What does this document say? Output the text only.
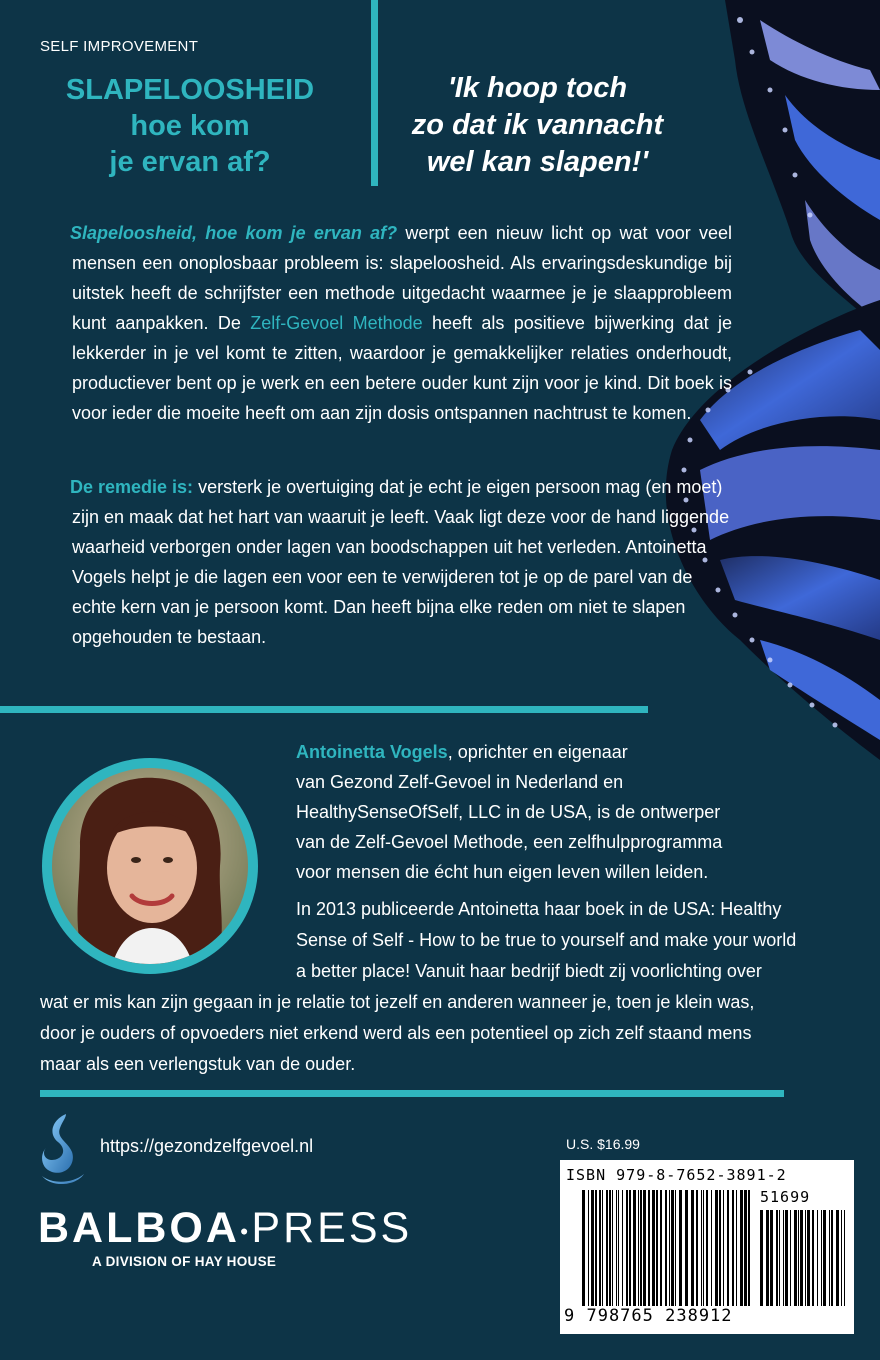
SELF IMPROVEMENT
SLAPELOOSHEID
hoe kom
je ervan af?
'Ik hoop toch
zo dat ik vannacht
wel kan slapen!'

Slapeloosheid, hoe kom je ervan af? werpt een nieuw licht op wat voor veel mensen een onoplosbaar probleem is: slapeloosheid. Als ervaringsdeskundige bij uitstek heeft de schrijfster een methode uitgedacht waarmee je je slaapprobleem kunt aanpakken. De Zelf-Gevoel Methode heeft als positieve bijwerking dat je lekkerder in je vel komt te zitten, waardoor je gemakkelijker relaties onderhoudt, productiever bent op je werk en een betere ouder kunt zijn voor je kind. Dit boek is voor ieder die moeite heeft om aan zijn dosis ontspannen nachtrust te komen.

De remedie is: versterk je overtuiging dat je echt je eigen persoon mag (en moet) zijn en maak dat het hart van waaruit je leeft. Vaak ligt deze voor de hand liggende waarheid verborgen onder lagen van boodschappen uit het verleden. Antoinetta Vogels helpt je die lagen een voor een te verwijderen tot je op de parel van de echte kern van je persoon komt. Dan heeft bijna elke reden om niet te slapen opgehouden te bestaan.

Antoinetta Vogels, oprichter en eigenaar
van Gezond Zelf-Gevoel in Nederland en
HealthySenseOfSelf, LLC in de USA, is de ontwerper
van de Zelf-Gevoel Methode, een zelfhulpprogramma
voor mensen die écht hun eigen leven willen leiden.
In 2013 publiceerde Antoinetta haar boek in de USA: Healthy
Sense of Self - How to be true to yourself and make your world
a better place! Vanuit haar bedrijf biedt zij voorlichting over
wat er mis kan zijn gegaan in je relatie tot jezelf en anderen wanneer je, toen je klein was,
door je ouders of opvoeders niet erkend werd als een potentieel op zich zelf staand mens
maar als een verlengstuk van de ouder.
https://gezondzelfgevoel.nl
BALBOA●PRESS
A DIVISION OF HAY HOUSE
U.S. $16.99
ISBN 979-8-7652-3891-2
51699
9 798765 238912
